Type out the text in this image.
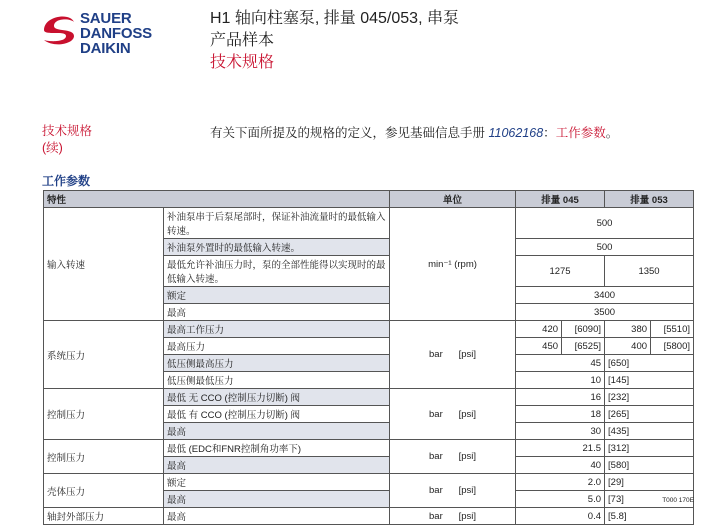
SAUER
DANFOSS
DAIKIN
H1 轴向柱塞泵, 排量 045/053, 串泵
产品样本
技术规格
技术规格
(续)
有关下面所提及的规格的定义，参见基础信息手册 11062168：工作参数。
工作参数
特性		单位	排量 045		排量 053	
输入转速	补油泵串于后泵尾部时，保证补油流量时的最低输入转速。	min⁻¹ (rpm)	500			
	补油泵外置时的最低输入转速。		500			
	最低允许补油压力时，泵的全部性能得以实现时的最低输入转速。		1275		1350	
	额定		3400			
	最高		3500			
系统压力	最高工作压力	bar [psi]	420	[6090]	380	[5510]
	最高压力		450	[6525]	400	[5800]
	低压侧最高压力		45		[650]	
	低压侧最低压力		10		[145]	
控制压力	最低 无 CCO (控制压力切断) 阀	bar [psi]	16		[232]	
	最低 有 CCO (控制压力切断) 阀		18		[265]	
	最高		30		[435]	
控制压力	最低 (EDC和FNR控制角功率下)	bar [psi]	21.5		[312]	
	最高		40		[580]	
壳体压力	额定	bar [psi]	2.0		[29]	
	最高		5.0		[73]	
轴封外部压力	最高	bar [psi]	0.4		[5.8]	
T000 170E
